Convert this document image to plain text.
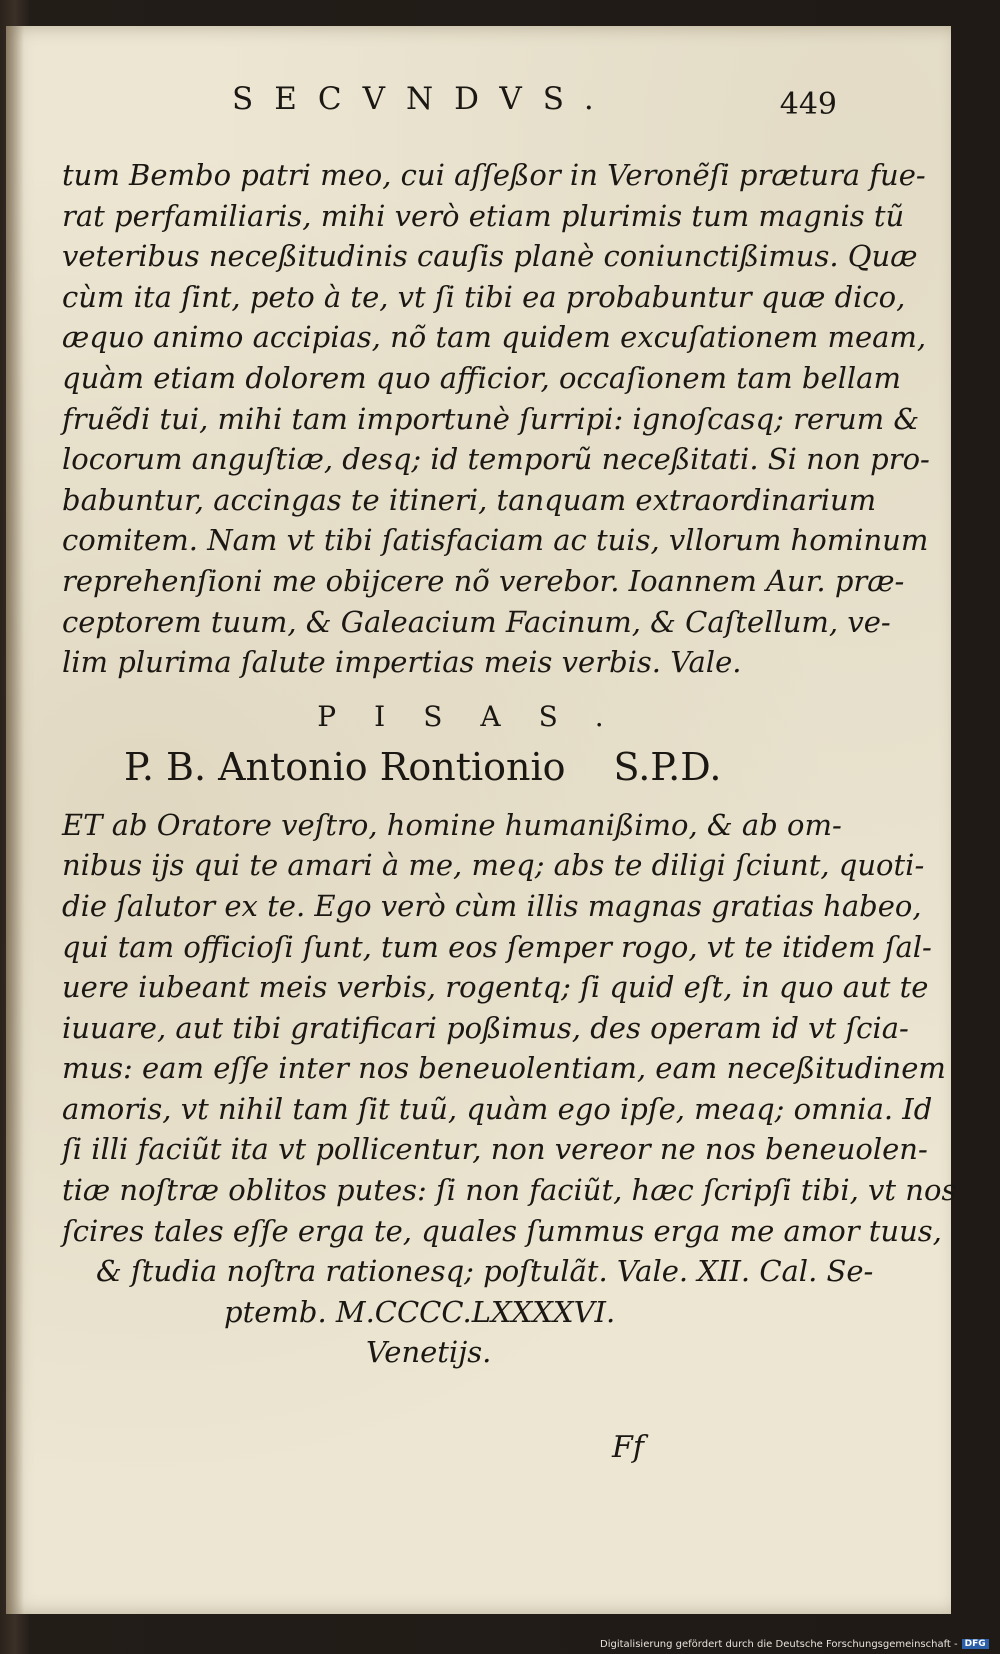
SECVNDVS.	449
tum Bembo patri meo, cui aſſeßor in Veronẽſi prætura fue-
rat perfamiliaris, mihi verò etiam plurimis tum magnis tũ
veteribus neceßitudinis cauſis planè coniunctißimus. Quæ
cùm ita ſint, peto à te, vt ſi tibi ea probabuntur quæ dico,
æquo animo accipias, nõ tam quidem excuſationem meam,
quàm etiam dolorem quo afficior, occaſionem tam bellam
fruẽdi tui, mihi tam importunè ſurripi: ignoſcasq; rerum &
locorum anguſtiæ, desq; id temporũ neceßitati. Si non pro-
babuntur, accingas te itineri, tanquam extraordinarium
comitem. Nam vt tibi ſatisfaciam ac tuis, vllorum hominum
reprehenſioni me obijcere nõ verebor. Ioannem Aur. præ-
ceptorem tuum, & Galeacium Facinum, & Caſtellum, ve-
lim plurima ſalute impertias meis verbis. Vale.
PISAS.
P. B. Antonio Rontionio S.P.D.
ET ab Oratore veſtro, homine humanißimo, & ab om-
nibus ijs qui te amari à me, meq; abs te diligi ſciunt, quoti-
die ſalutor ex te. Ego verò cùm illis magnas gratias habeo,
qui tam officioſi ſunt, tum eos ſemper rogo, vt te itidem ſal-
uere iubeant meis verbis, rogentq; ſi quid eſt, in quo aut te
iuuare, aut tibi gratificari poßimus, des operam id vt ſcia-
mus: eam eſſe inter nos beneuolentiam, eam neceßitudinem
amoris, vt nihil tam ſit tuũ, quàm ego ipſe, meaq; omnia. Id
ſi illi faciũt ita vt pollicentur, non vereor ne nos beneuolen-
tiæ noſtræ oblitos putes: ſi non faciũt, hæc ſcripſi tibi, vt nos
ſcires tales eſſe erga te, quales ſummus erga me amor tuus,
& ſtudia noſtra rationesq; poſtulãt. Vale. XII. Cal. Se-
ptemb. M.CCCC.LXXXXVI.
Venetijs.
Ff
Digitalisierung gefördert durch die Deutsche Forschungsgemeinschaft - DFG
